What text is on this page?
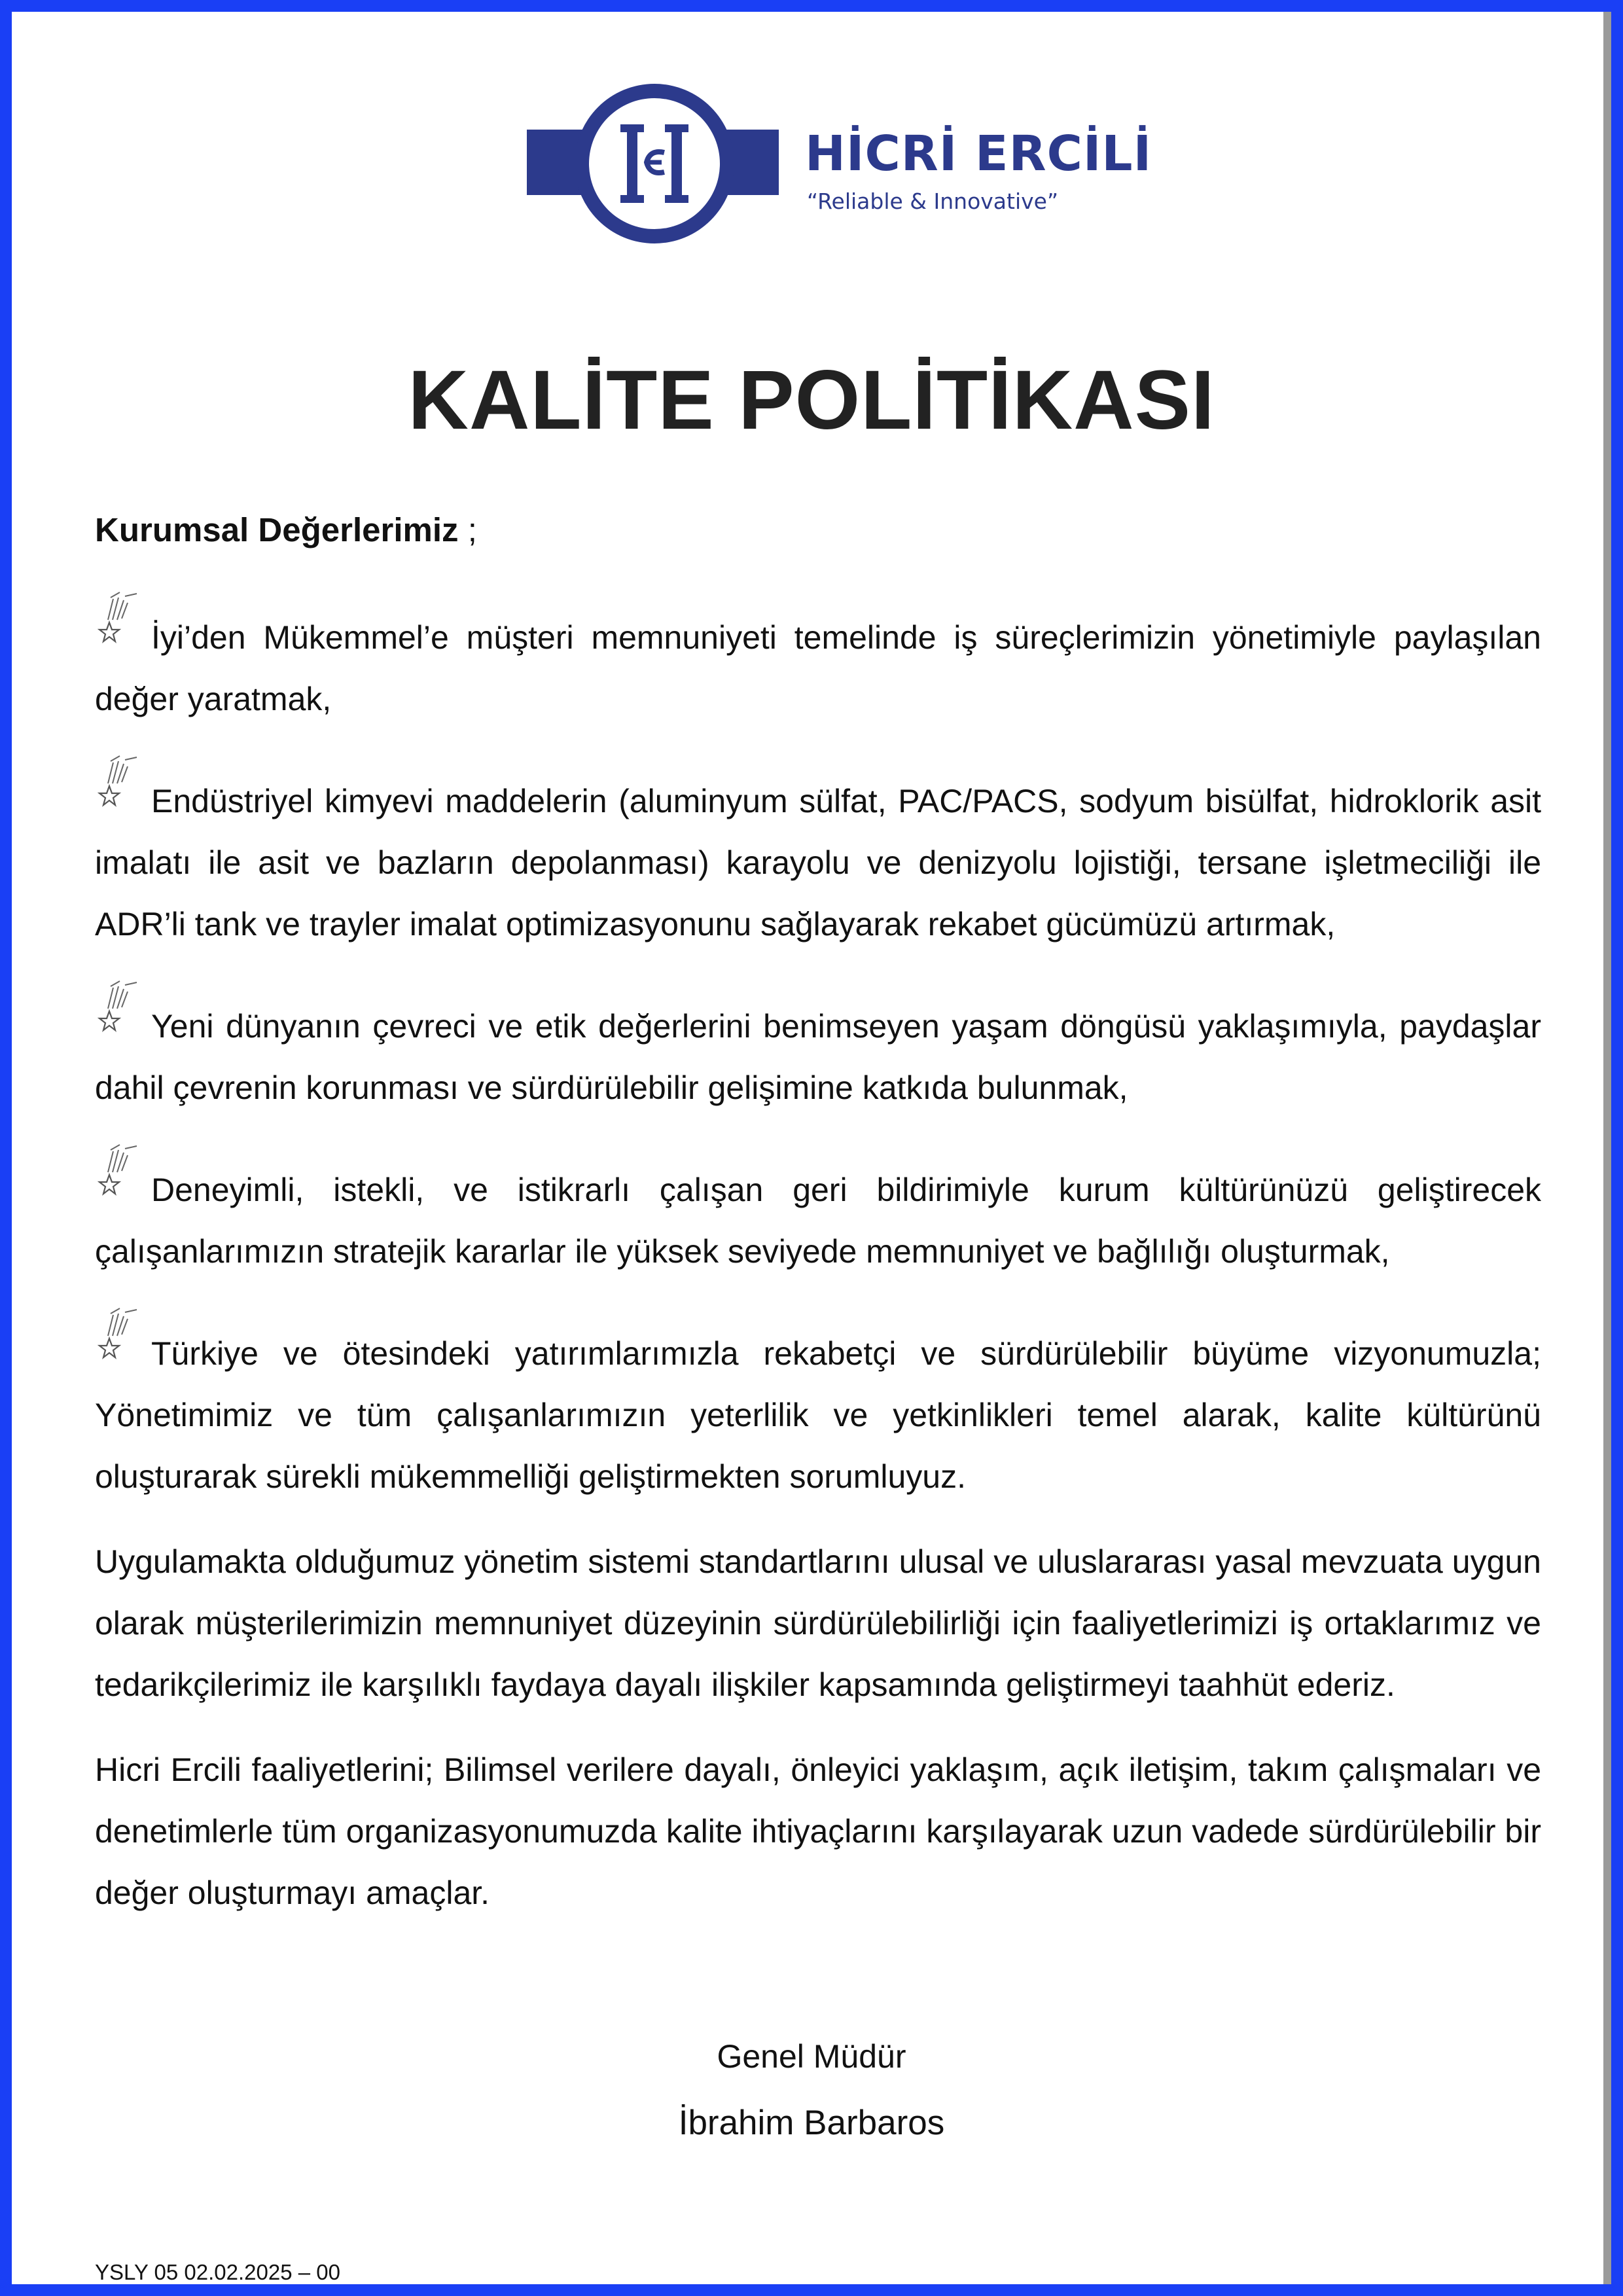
HİCRİ ERCİLİ
“Reliable & Innovative”
KALİTE POLİTİKASI

Kurumsal Değerlerimiz ;

İyi’den Mükemmel’e müşteri memnuniyeti temelinde iş süreçlerimizin yönetimiyle paylaşılan değer yaratmak,

Endüstriyel kimyevi maddelerin (aluminyum sülfat, PAC/PACS, sodyum bisülfat, hidroklorik asit imalatı ile asit ve bazların depolanması) karayolu ve denizyolu lojistiği, tersane işletmeciliği ile ADR’li tank ve trayler imalat optimizasyonunu sağlayarak rekabet gücümüzü artırmak,

Yeni dünyanın çevreci ve etik değerlerini benimseyen yaşam döngüsü yaklaşımıyla, paydaşlar dahil çevrenin korunması ve sürdürülebilir gelişimine katkıda bulunmak,

Deneyimli, istekli, ve istikrarlı çalışan geri bildirimiyle kurum kültürünüzü geliştirecek çalışanlarımızın stratejik kararlar ile yüksek seviyede memnuniyet ve bağlılığı oluşturmak,

Türkiye ve ötesindeki yatırımlarımızla rekabetçi ve sürdürülebilir büyüme vizyonumuzla; Yönetimimiz ve tüm çalışanlarımızın yeterlilik ve yetkinlikleri temel alarak, kalite kültürünü oluşturarak sürekli mükemmelliği geliştirmekten sorumluyuz.

Uygulamakta olduğumuz yönetim sistemi standartlarını ulusal ve uluslararası yasal mevzuata uygun olarak müşterilerimizin memnuniyet düzeyinin sürdürülebilirliği için faaliyetlerimizi iş ortaklarımız ve tedarikçilerimiz ile karşılıklı faydaya dayalı ilişkiler kapsamında geliştirmeyi taahhüt ederiz.

Hicri Ercili faaliyetlerini; Bilimsel verilere dayalı, önleyici yaklaşım, açık iletişim, takım çalışmaları ve denetimlerle tüm organizasyonumuzda kalite ihtiyaçlarını karşılayarak uzun vadede sürdürülebilir bir değer oluşturmayı amaçlar.

Genel Müdür
İbrahim Barbaros
YSLY 05 02.02.2025 – 00
